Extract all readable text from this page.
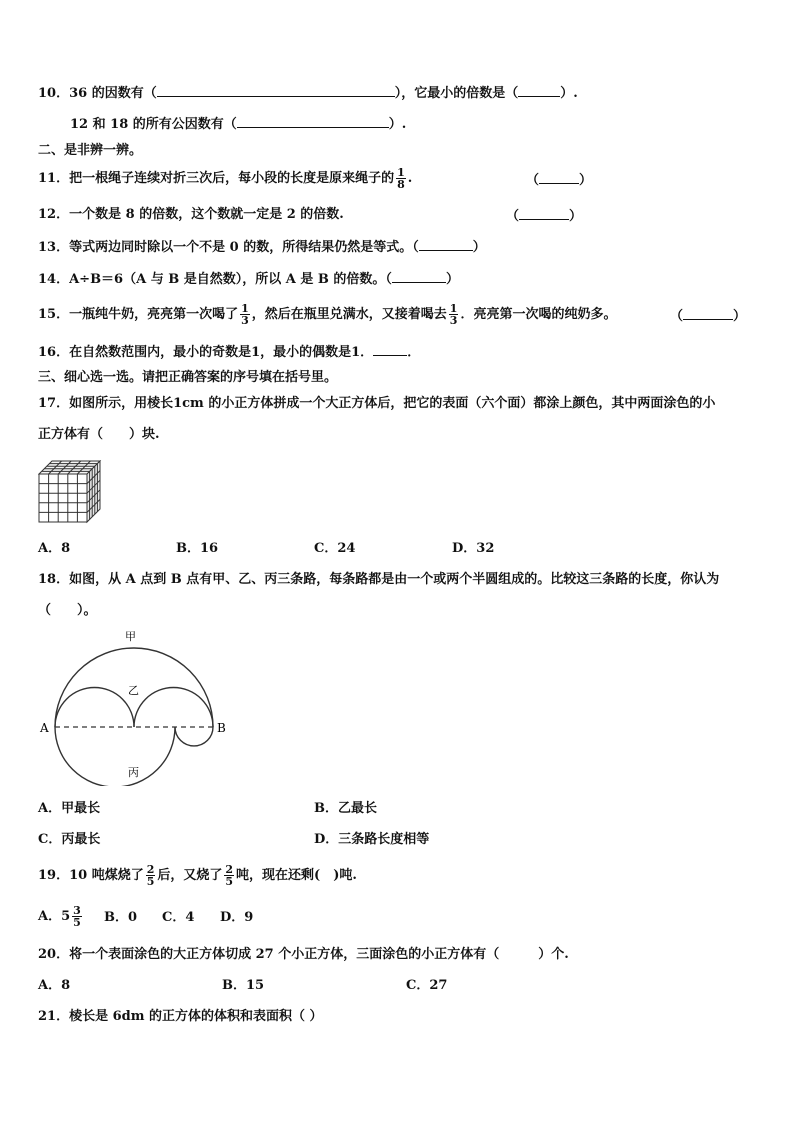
10．36 的因数有（	），它最小的倍数是（	）.
12 和 18 的所有公因数有（	）.
二、是非辨一辨。
11．把一根绳子连续对折三次后，每小段的长度是原来绳子的 $\frac{1}{8}$ .	（	）
12．一个数是 8 的倍数，这个数就一定是 2 的倍数.	（	）
13．等式两边同时除以一个不是 0 的数，所得结果仍然是等式。（	）
14．A÷B＝6（A 与 B 是自然数），所以 A 是 B 的倍数。（	）
15．一瓶纯牛奶，亮亮第一次喝了 $\frac{1}{3}$ ，然后在瓶里兑满水，又接着喝去 $\frac{1}{3}$ ．亮亮第一次喝的纯奶多。	（	）
16．在自然数范围内，最小的奇数是1，最小的偶数是1．	．
三、细心选一选。请把正确答案的序号填在括号里。
17．如图所示，用棱长1cm 的小正方体拼成一个大正方体后，把它的表面（六个面）都涂上颜色，其中两面涂色的小
正方体有（　　）块.
A．8	B．16	C．24	D．32
18．如图，从 A 点到 B 点有甲、乙、丙三条路，每条路都是由一个或两个半圆组成的。比较这三条路的长度，你认为
（　　）。
甲
乙
丙
A	B
A．甲最长	B．乙最长
C．丙最长	D．三条路长度相等
19．10 吨煤烧了 $\frac{2}{5}$ 后，又烧了 $\frac{2}{5}$ 吨，现在还剩(　)吨.
A．$5 \frac{3}{5}$ B．0 C．4 D．9
20．将一个表面涂色的大正方体切成 27 个小正方体，三面涂色的小正方体有（　　　）个.
A．8	B．15	C．27
21．棱长是 6dm 的正方体的体积和表面积（ ）
